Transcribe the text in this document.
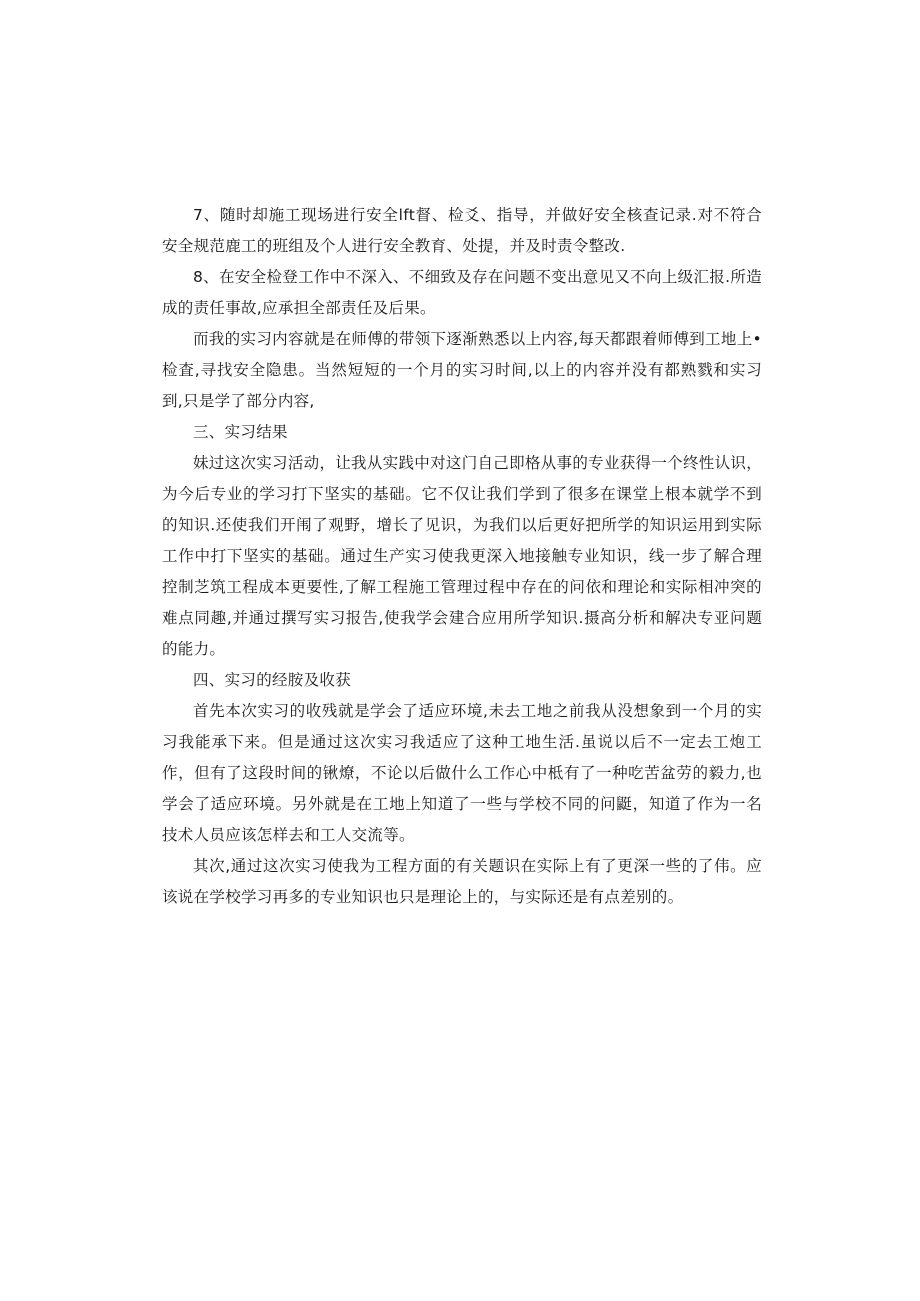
7、随时却施工现场进行安全lft督、检爻、指导，并做好安全核查记录.对不符合安全规范鹿工的班组及个人进行安全教育、处提，并及时责令整改.

8、在安全检登工作中不深入、不细致及存在问题不变出意见又不向上级汇报.所造成的责任事故,应承担全部责任及后果。

而我的实习内容就是在师傅的带领下逐渐熟悉以上内容,每天都跟着师傅到工地上•检査,寻找安全隐患。当然短短的一个月的实习时间,以上的内容并没有都熟戮和实习到,只是学了部分内容,

三、实习结果

妹过这次实习活动，让我从实践中对这门自己即格从事的专业获得一个终性认识，为今后专业的学习打下坚实的基础。它不仅让我们学到了很多在课堂上根本就学不到的知识.还使我们开闱了观野，增长了见识，为我们以后更好把所学的知识运用到实际工作中打下坚实的基础。通过生产实习使我更深入地接触专业知识，线一步了解合理控制芝筑工程成本更要性,了解工程施工管理过程中存在的问依和理论和实际相冲突的难点同趣,并通过撰写实习报告,使我学会建合应用所学知识.摄高分析和解决专亚问题的能力。

四、实习的经胺及收获

首先本次实习的收残就是学会了适应环境,未去工地之前我从没想象到一个月的实习我能承下来。但是通过这次实习我适应了这种工地生活.虽说以后不一定去工炮工作，但有了这段时间的锹燎，不论以后做什么工作心中柢有了一种吃苦盆劳的毅力,也学会了适应环境。另外就是在工地上知道了一些与学校不同的问鼮，知道了作为一名技术人员应该怎样去和工人交流等。

其次,通过这次实习使我为工程方面的有关题识在实际上有了更深一些的了伟。应该说在学校学习再多的专业知识也只是理论上的，与实际还是有点差别的。
